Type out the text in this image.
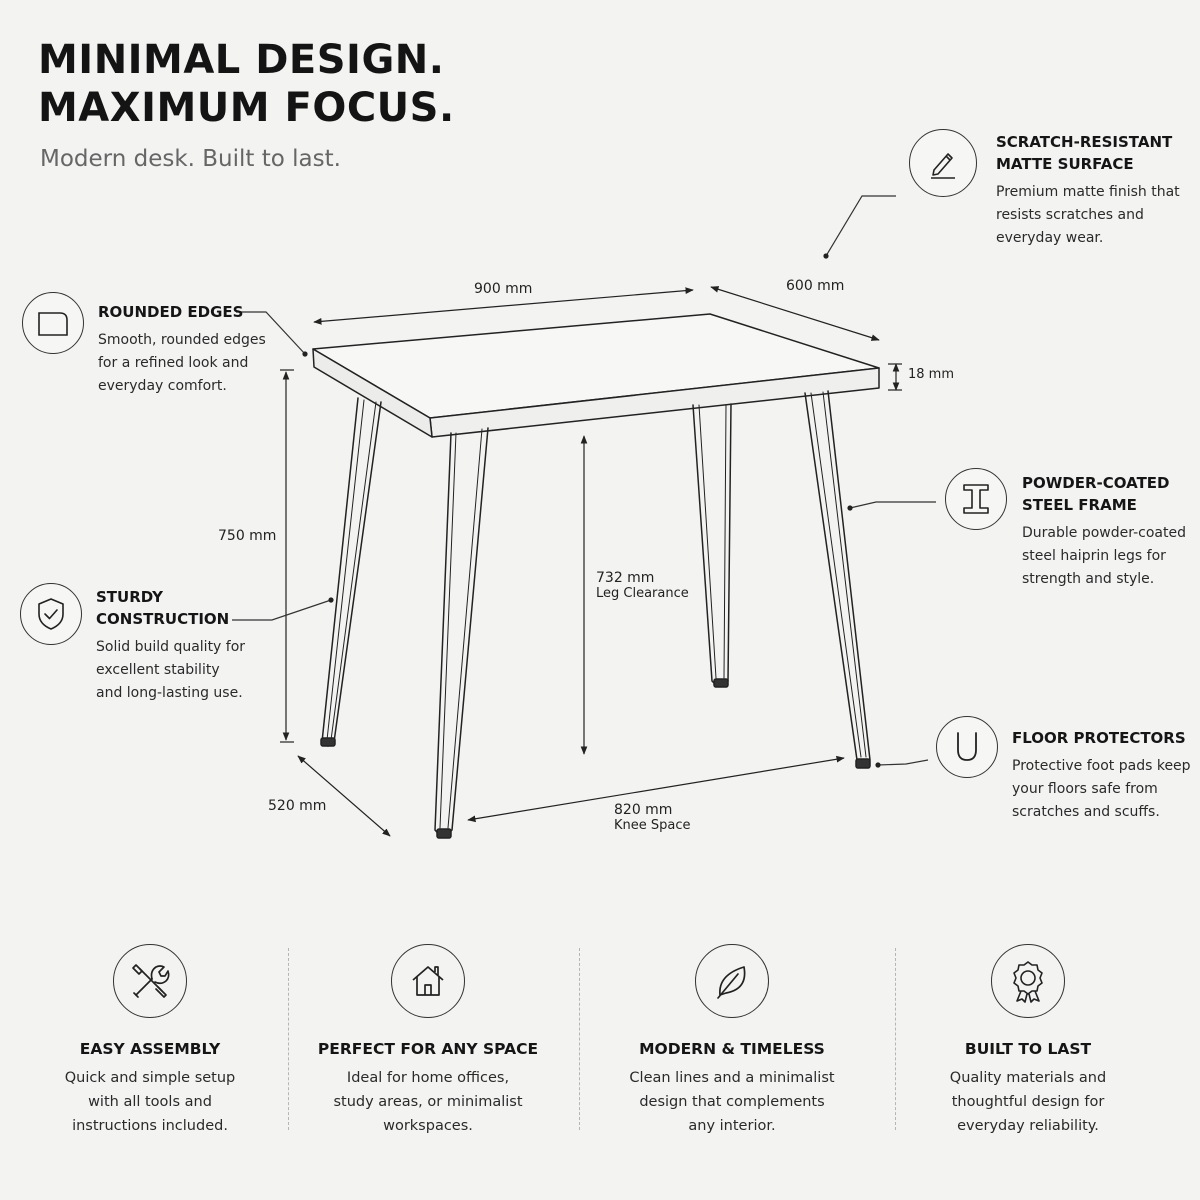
MINIMAL DESIGN.
MAXIMUM FOCUS.

Modern desk. Built to last.

900 mm	600 mm
18 mm
750 mm
732 mm
Leg Clearance
520 mm	820 mm
Knee Space
SCRATCH-RESISTANT
MATTE SURFACE
Premium matte finish that
resists scratches and
everyday wear.
ROUNDED EDGES
Smooth, rounded edges
for a refined look and
everyday comfort.
POWDER-COATED
STEEL FRAME
Durable powder-coated
steel haiprin legs for
strength and style.
STURDY
CONSTRUCTION
Solid build quality for
excellent stability
and long-lasting use.
FLOOR PROTECTORS
Protective foot pads keep
your floors safe from
scratches and scuffs.
EASY ASSEMBLY
Quick and simple setup
with all tools and
instructions included.
PERFECT FOR ANY SPACE
Ideal for home offices,
study areas, or minimalist
workspaces.
MODERN & TIMELESS
Clean lines and a minimalist
design that complements
any interior.
BUILT TO LAST
Quality materials and
thoughtful design for
everyday reliability.
